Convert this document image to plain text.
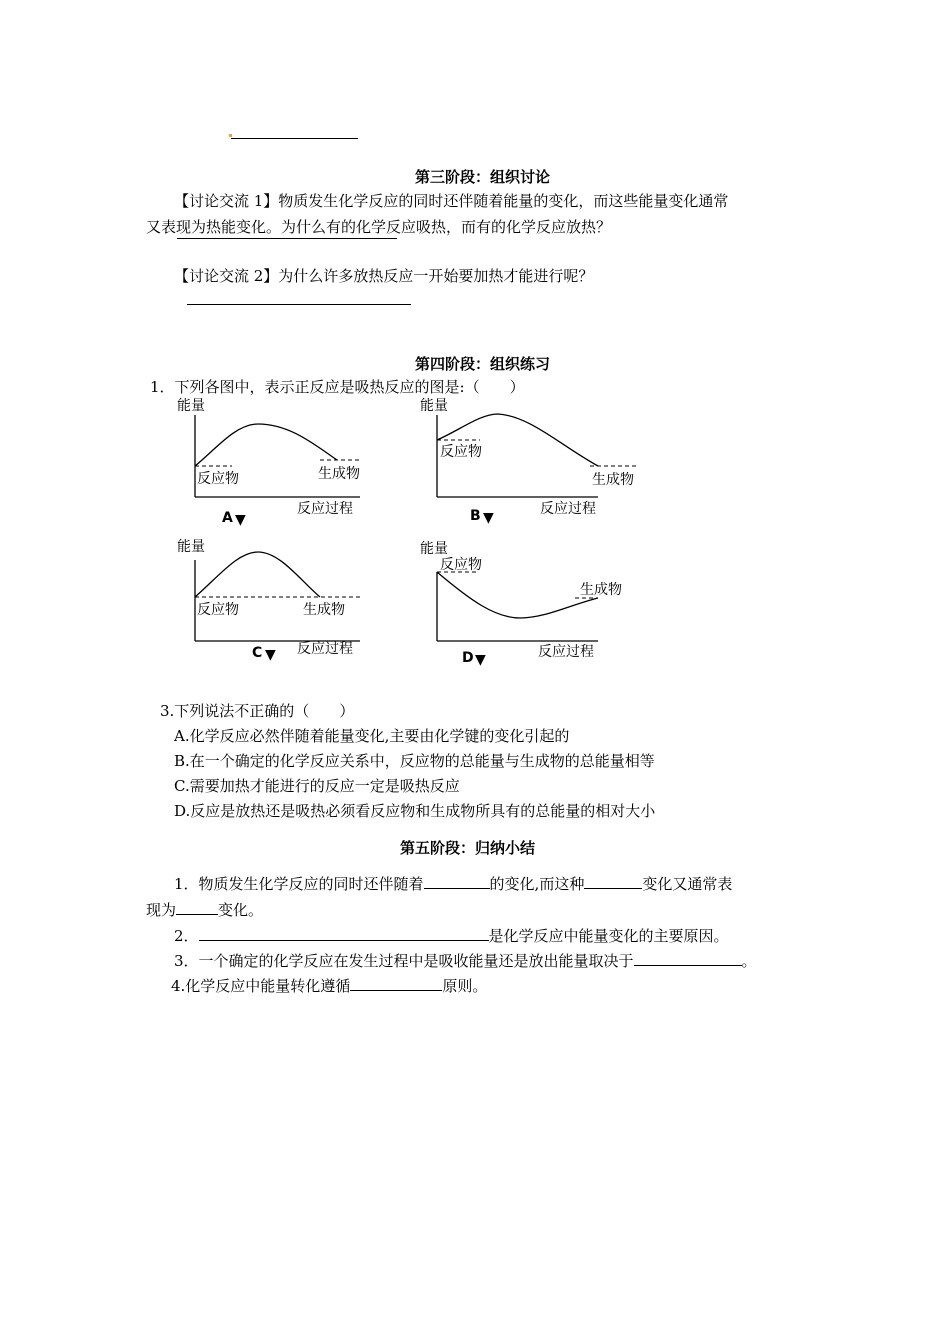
第三阶段：组织讨论
【讨论交流 1】物质发生化学反应的同时还伴随着能量的变化，而这些能量变化通常
又表现为热能变化。为什么有的化学反应吸热，而有的化学反应放热？
【讨论交流 2】为什么许多放热反应一开始要加热才能进行呢？
第四阶段：组织练习
1．下列各图中，表示正反应是吸热反应的图是:（　　）
能量
反应过程
反应物	生成物
A ▼
能量
反应过程
反应物
生成物
B ▼
能量
反应过程
反应物	生成物
C ▼
能量
反应过程
反应物
生成物
D ▼
3.下列说法不正确的（　　）
A.化学反应必然伴随着能量变化,主要由化学键的变化引起的
B.在一个确定的化学反应关系中，反应物的总能量与生成物的总能量相等
C.需要加热才能进行的反应一定是吸热反应
D.反应是放热还是吸热必须看反应物和生成物所具有的总能量的相对大小
第五阶段：归纳小结
1．物质发生化学反应的同时还伴随着	的变化,而这种	变化又通常表
现为	变化。
2．	是化学反应中能量变化的主要原因。
3．一个确定的化学反应在发生过程中是吸收能量还是放出能量取决于	。
4.化学反应中能量转化遵循	原则。
